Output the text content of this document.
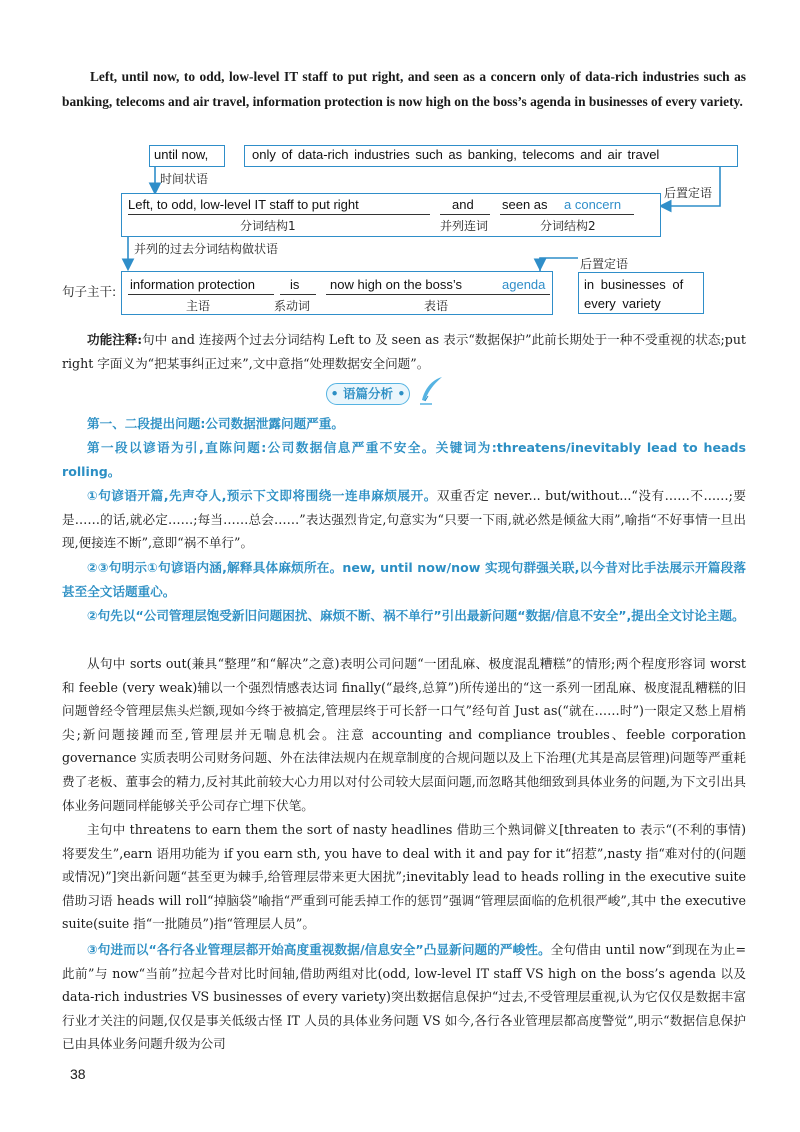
Left, until now, to odd, low-level IT staff to put right, and seen as a concern only of data-rich industries such as banking, telecoms and air travel, information protection is now high on the boss’s agenda in businesses of every variety.
until now,
时间状语
only of data-rich industries such as banking, telecoms and air travel
后置定语
Left, to odd, low-level IT staff to put right
分词结构1
and
并列连词
seen as a concern
分词结构2
并列的过去分词结构做状语
句子主干: information protection
主语
is
系动词
now high on the boss’s	agenda
表语
后置定语
in businesses of every variety
功能注释:句中 and 连接两个过去分词结构 Left to 及 seen as 表示“数据保护”此前长期处于一种不受重视的状态;put right 字面义为“把某事纠正过来”,文中意指“处理数据安全问题”。
• 语篇分析 •
第一、二段提出问题:公司数据泄露问题严重。
第一段以谚语为引,直陈问题:公司数据信息严重不安全。关键词为:threatens/inevitably lead to heads rolling。
①句谚语开篇,先声夺人,预示下文即将围绕一连串麻烦展开。双重否定 never... but/without...“没有……不……;要是……的话,就必定……;每当……总会……”表达强烈肯定,句意实为“只要一下雨,就必然是倾盆大雨”,喻指“不好事情一旦出现,便接连不断”,意即“祸不单行”。
②③句明示①句谚语内涵,解释具体麻烦所在。new, until now/now 实现句群强关联,以今昔对比手法展示开篇段落甚至全文话题重心。
②句先以“公司管理层饱受新旧问题困扰、麻烦不断、祸不单行”引出最新问题“数据/信息不安全”,提出全文讨论主题。
从句中 sorts out(兼具“整理”和“解决”之意)表明公司问题“一团乱麻、极度混乱糟糕”的情形;两个程度形容词 worst 和 feeble (very weak)辅以一个强烈情感表达词 finally(“最终,总算”)所传递出的“这一系列一团乱麻、极度混乱糟糕的旧问题曾经令管理层焦头烂额,现如今终于被搞定,管理层终于可长舒一口气”经句首 Just as(“就在……时”)一限定又愁上眉梢尖;新问题接踵而至,管理层并无喘息机会。注意 accounting and compliance troubles、feeble corporation governance 实质表明公司财务问题、外在法律法规内在规章制度的合规问题以及上下治理(尤其是高层管理)问题等严重耗费了老板、董事会的精力,反衬其此前较大心力用以对付公司较大层面问题,而忽略其他细致到具体业务的问题,为下文引出具体业务问题同样能够关乎公司存亡埋下伏笔。
主句中 threatens to earn them the sort of nasty headlines 借助三个熟词僻义[threaten to 表示“(不利的事情)将要发生”,earn 语用功能为 if you earn sth, you have to deal with it and pay for it“招惹”,nasty 指“难对付的(问题或情况)”]突出新问题“甚至更为棘手,给管理层带来更大困扰”;inevitably lead to heads rolling in the executive suite 借助习语 heads will roll“掉脑袋”喻指“严重到可能丢掉工作的惩罚”强调“管理层面临的危机很严峻”,其中 the executive suite(suite 指“一批随员”)指“管理层人员”。
③句进而以“各行各业管理层都开始高度重视数据/信息安全”凸显新问题的严峻性。全句借由 until now“到现在为止=此前”与 now“当前”拉起今昔对比时间轴,借助两组对比(odd, low-level IT staff VS high on the boss’s agenda 以及 data-rich industries VS businesses of every variety)突出数据信息保护“过去,不受管理层重视,认为它仅仅是数据丰富行业才关注的问题,仅仅是事关低级古怪 IT 人员的具体业务问题 VS 如今,各行各业管理层都高度警觉”,明示“数据信息保护已由具体业务问题升级为公司
38
